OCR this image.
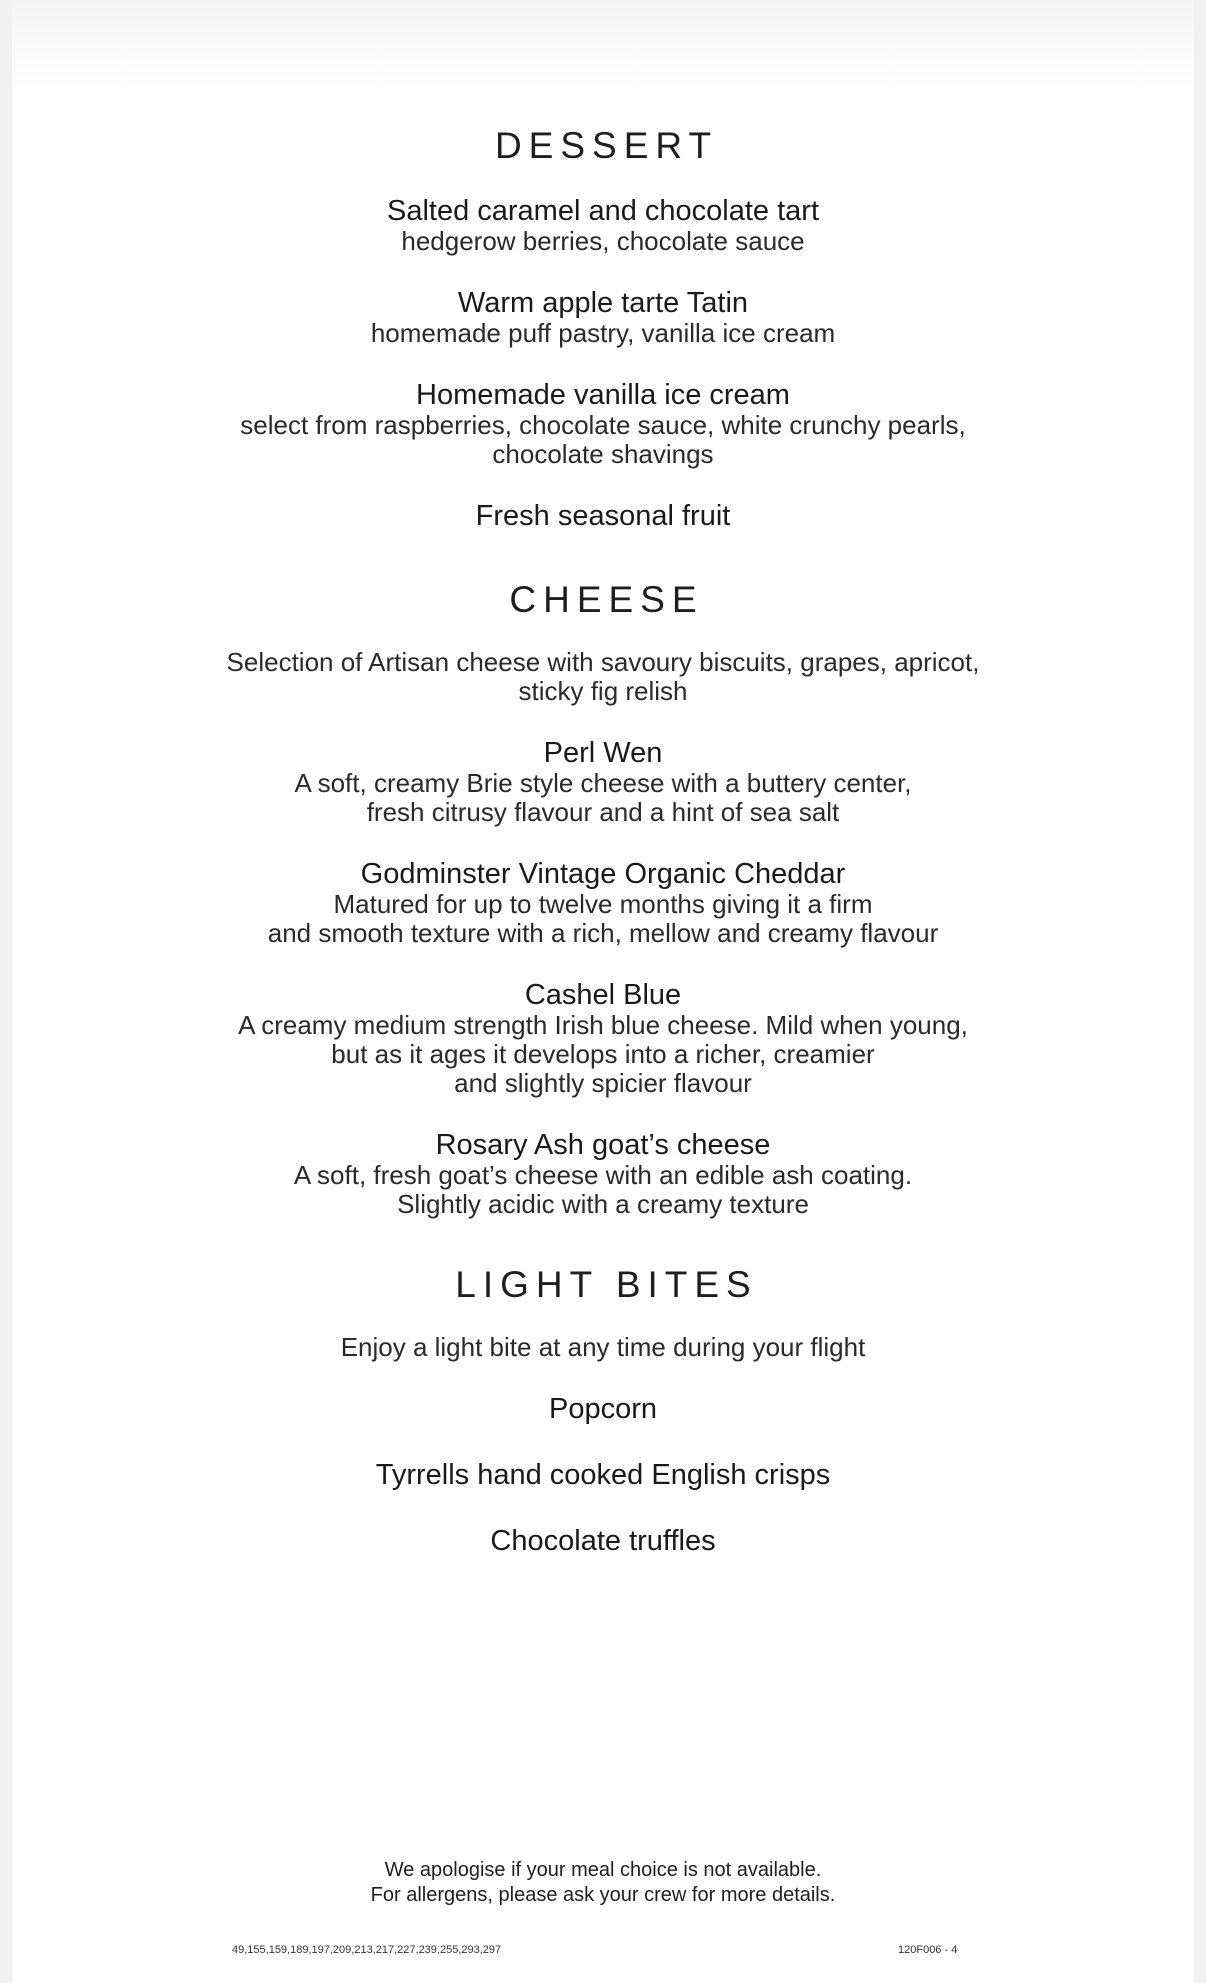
DESSERT
Salted caramel and chocolate tart
hedgerow berries, chocolate sauce
Warm apple tarte Tatin
homemade puff pastry, vanilla ice cream
Homemade vanilla ice cream
select from raspberries, chocolate sauce, white crunchy pearls,
chocolate shavings
Fresh seasonal fruit
CHEESE
Selection of Artisan cheese with savoury biscuits, grapes, apricot,
sticky fig relish
Perl Wen
A soft, creamy Brie style cheese with a buttery center,
fresh citrusy flavour and a hint of sea salt
Godminster Vintage Organic Cheddar
Matured for up to twelve months giving it a firm
and smooth texture with a rich, mellow and creamy flavour
Cashel Blue
A creamy medium strength Irish blue cheese. Mild when young,
but as it ages it develops into a richer, creamier
and slightly spicier flavour
Rosary Ash goat’s cheese
A soft, fresh goat’s cheese with an edible ash coating.
Slightly acidic with a creamy texture
LIGHT BITES
Enjoy a light bite at any time during your flight
Popcorn
Tyrrells hand cooked English crisps
Chocolate truffles
We apologise if your meal choice is not available.
For allergens, please ask your crew for more details.
49,155,159,189,197,209,213,217,227,239,255,293,297	120F006 - 4
